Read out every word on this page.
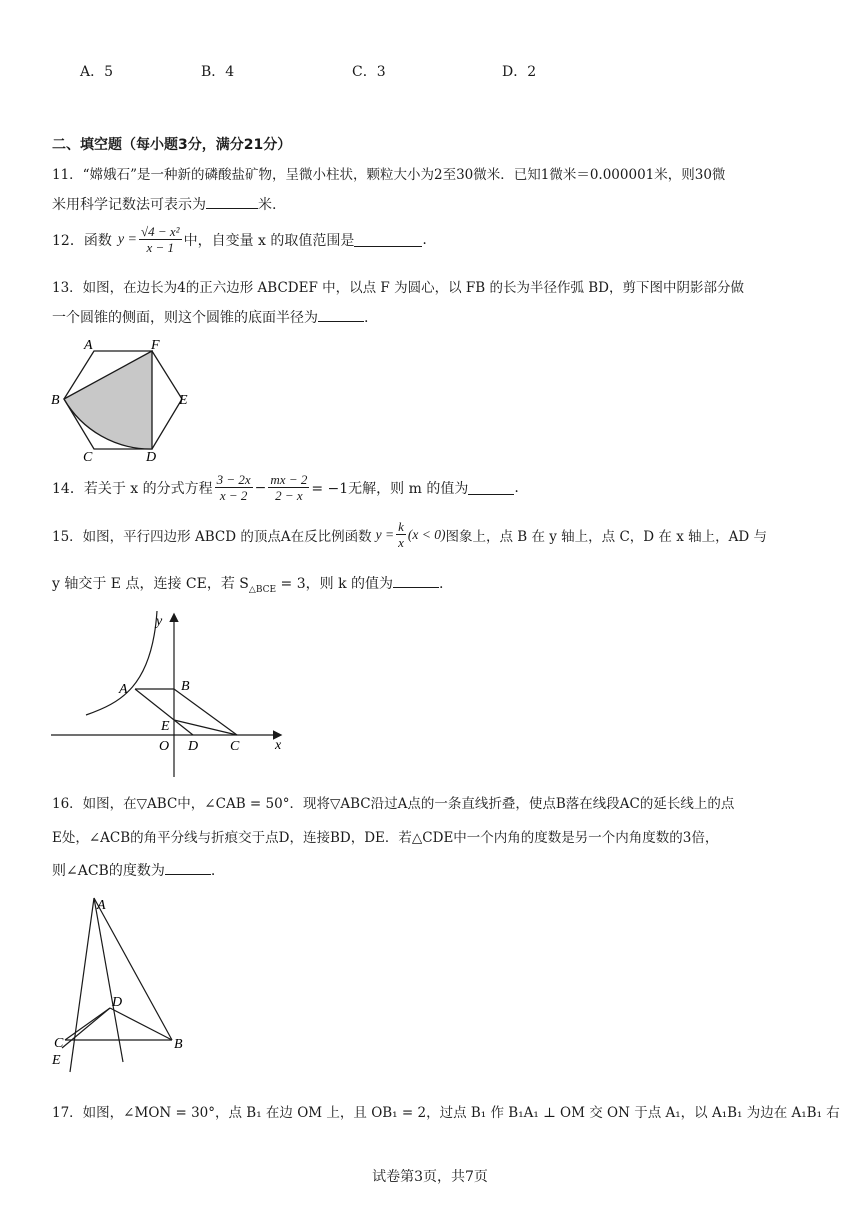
A．5	B．4	C．3	D．2
二、填空题（每小题3分，满分21分）
11．“嫦娥石”是一种新的磷酸盐矿物，呈微小柱状，颗粒大小为2至30微米．已知1微米＝0.000001米，则30微
米用科学记数法可表示为	米.
12．函数 $y = \frac{\text{√4 − x²}}{x - 1}$ 中，自变量 x 的取值范围是	.
13．如图，在边长为4的正六边形 ABCDEF 中，以点 F 为圆心，以 FB 的长为半径作弧 BD，剪下图中阴影部分做
一个圆锥的侧面，则这个圆锥的底面半径为	.
A	F
B	E
C	D
14．若关于 x 的分式方程 $\frac{3 - 2x}{x - 2} - \frac{mx - 2}{2 - x} = -1$无解，则 m 的值为	.
15．如图，平行四边形 ABCD 的顶点A在反比例函数 $y = \frac{k}{x} (x < 0)$ 图象上，点 B 在 y 轴上，点 C，D 在 x 轴上，AD 与
y 轴交于 E 点，连接 CE，若 $S_{\triangle BCE} = 3$，则 k 的值为	.
y
x
A	B
E
O D C
16．如图，在▽ABC中，∠CAB = 50°．现将▽ABC沿过A点的一条直线折叠，使点B落在线段AC的延长线上的点
E处，∠ACB的角平分线与折痕交于点D，连接BD，DE．若△CDE中一个内角的度数是另一个内角度数的3倍，
则∠ACB的度数为	.
A
D
C
E
B
17．如图，∠MON = 30°，点 B₁ 在边 OM 上，且 OB₁ = 2，过点 B₁ 作 B₁A₁ ⊥ OM 交 ON 于点 A₁，以 A₁B₁ 为边在 A₁B₁ 右
试卷第3页，共7页
